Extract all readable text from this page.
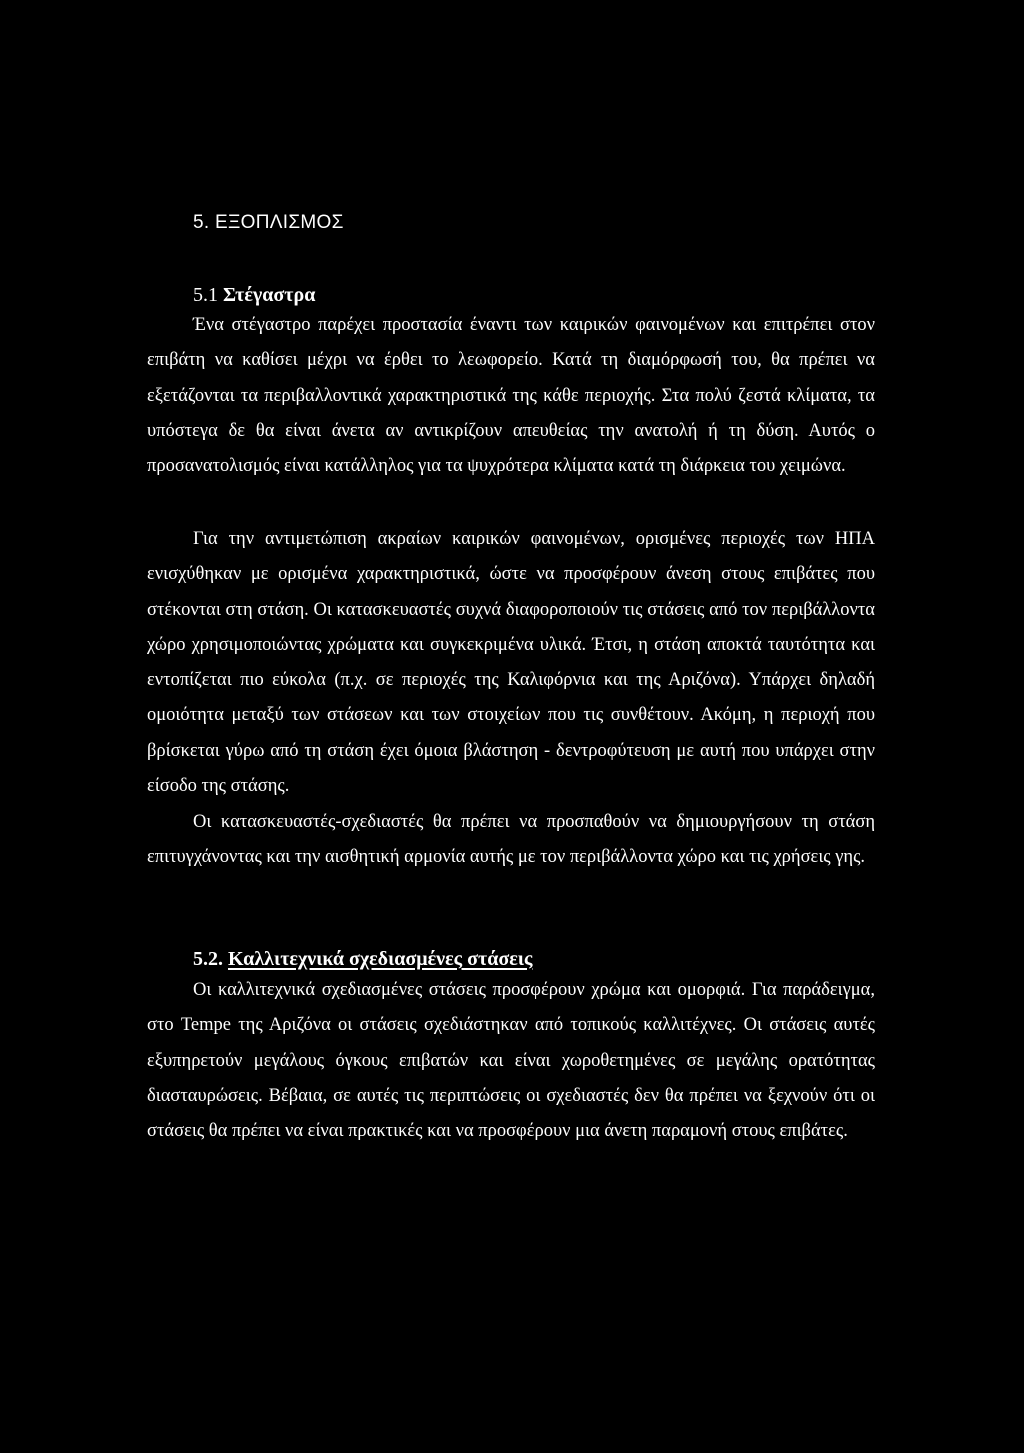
5. ΕΞΟΠΛΙΣΜΟΣ
5.1 Στέγαστρα

Ένα στέγαστρο παρέχει προστασία έναντι των καιρικών φαινομένων και επιτρέπει στον επιβάτη να καθίσει μέχρι να έρθει το λεωφορείο. Κατά τη διαμόρφωσή του, θα πρέπει να εξετάζονται τα περιβαλλοντικά χαρακτηριστικά της κάθε περιοχής. Στα πολύ ζεστά κλίματα, τα υπόστεγα δε θα είναι άνετα αν αντικρίζουν απευθείας την ανατολή ή τη δύση. Αυτός ο προσανατολισμός είναι κατάλληλος για τα ψυχρότερα κλίματα κατά τη διάρκεια του χειμώνα.

Για την αντιμετώπιση ακραίων καιρικών φαινομένων, ορισμένες περιοχές των ΗΠΑ ενισχύθηκαν με ορισμένα χαρακτηριστικά, ώστε να προσφέρουν άνεση στους επιβάτες που στέκονται στη στάση. Οι κατασκευαστές συχνά διαφοροποιούν τις στάσεις από τον περιβάλλοντα χώρο χρησιμοποιώντας χρώματα και συγκεκριμένα υλικά. Έτσι, η στάση αποκτά ταυτότητα και εντοπίζεται πιο εύκολα (π.χ. σε περιοχές της Καλιφόρνια και της Αριζόνα). Υπάρχει δηλαδή ομοιότητα μεταξύ των στάσεων και των στοιχείων που τις συνθέτουν. Ακόμη, η περιοχή που βρίσκεται γύρω από τη στάση έχει όμοια βλάστηση - δεντροφύτευση με αυτή που υπάρχει στην είσοδο της στάσης.

Οι κατασκευαστές-σχεδιαστές θα πρέπει να προσπαθούν να δημιουργήσουν τη στάση επιτυγχάνοντας και την αισθητική αρμονία αυτής με τον περιβάλλοντα χώρο και τις χρήσεις γης.

5.2. Καλλιτεχνικά σχεδιασμένες στάσεις

Οι καλλιτεχνικά σχεδιασμένες στάσεις προσφέρουν χρώμα και ομορφιά. Για παράδειγμα, στο Tempe της Αριζόνα οι στάσεις σχεδιάστηκαν από τοπικούς καλλιτέχνες. Οι στάσεις αυτές εξυπηρετούν μεγάλους όγκους επιβατών και είναι χωροθετημένες σε μεγάλης ορατότητας διασταυρώσεις. Βέβαια, σε αυτές τις περιπτώσεις οι σχεδιαστές δεν θα πρέπει να ξεχνούν ότι οι στάσεις θα πρέπει να είναι πρακτικές και να προσφέρουν μια άνετη παραμονή στους επιβάτες.
